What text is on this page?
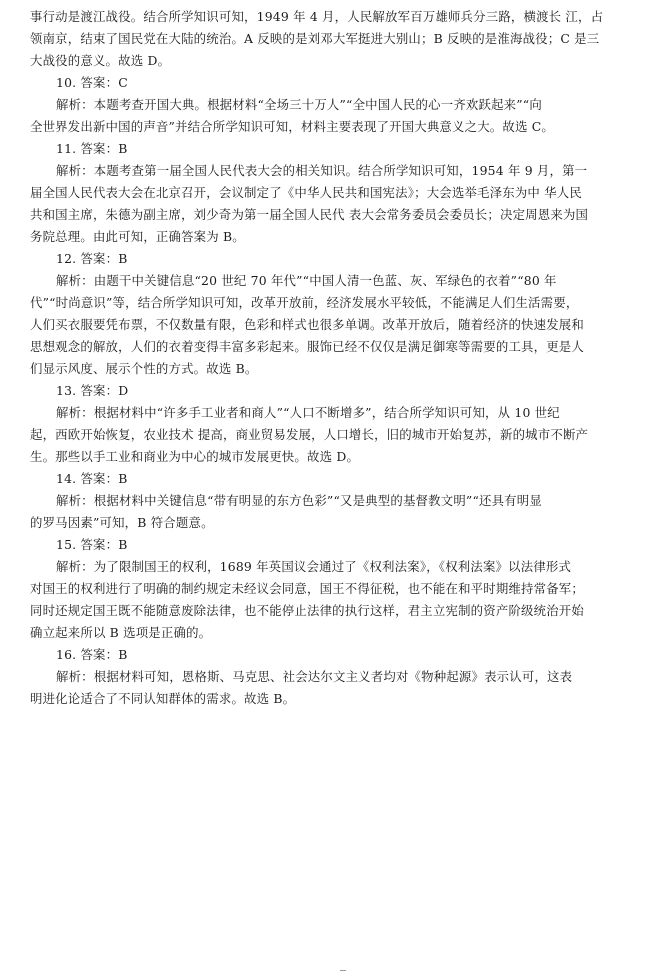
事行动是渡江战役。结合所学知识可知，1949 年 4 月，人民解放军百万雄师兵分三路，横渡长 江，占
领南京，结束了国民党在大陆的统治。A 反映的是刘邓大军挺进大别山；B 反映的是淮海战役；C 是三
大战役的意义。故选 D。
10. 答案：C
解析：本题考查开国大典。根据材料“全场三十万人”“全中国人民的心一齐欢跃起来”“向
全世界发出新中国的声音”并结合所学知识可知，材料主要表现了开国大典意义之大。故选 C。
11. 答案：B
解析：本题考查第一届全国人民代表大会的相关知识。结合所学知识可知，1954 年 9 月，第一
届全国人民代表大会在北京召开，会议制定了《中华人民共和国宪法》；大会选举毛泽东为中 华人民
共和国主席，朱德为副主席，刘少奇为第一届全国人民代 表大会常务委员会委员长；决定周恩来为国
务院总理。由此可知，正确答案为 B。
12. 答案：B
解析：由题干中关键信息“20 世纪 70 年代”“中国人清一色蓝、灰、军绿色的衣着”“80 年
代”“时尚意识”等，结合所学知识可知，改革开放前，经济发展水平较低，不能满足人们生活需要，
人们买衣服要凭布票，不仅数量有限，色彩和样式也很多单调。改革开放后，随着经济的快速发展和
思想观念的解放，人们的衣着变得丰富多彩起来。服饰已经不仅仅是满足御寒等需要的工具，更是人
们显示风度、展示个性的方式。故选 B。
13. 答案：D
解析：根据材料中“许多手工业者和商人”“人口不断增多”，结合所学知识可知，从 10 世纪
起，西欧开始恢复，农业技术 提高，商业贸易发展，人口增长，旧的城市开始复苏，新的城市不断产
生。那些以手工业和商业为中心的城市发展更快。故选 D。
14. 答案：B
解析：根据材料中关键信息“带有明显的东方色彩”“又是典型的基督教文明”“还具有明显
的罗马因素”可知，B 符合题意。
15. 答案：B
解析：为了限制国王的权利，1689 年英国议会通过了《权利法案》，《权利法案》以法律形式
对国王的权利进行了明确的制约规定未经议会同意，国王不得征税，也不能在和平时期维持常备军；
同时还规定国王既不能随意废除法律，也不能停止法律的执行这样，君主立宪制的资产阶级统治开始
确立起来所以 B 选项是正确的。
16. 答案：B
解析：根据材料可知，恩格斯、马克思、社会达尔文主义者均对《物种起源》表示认可，这表
明进化论适合了不同认知群体的需求。故选 B。
